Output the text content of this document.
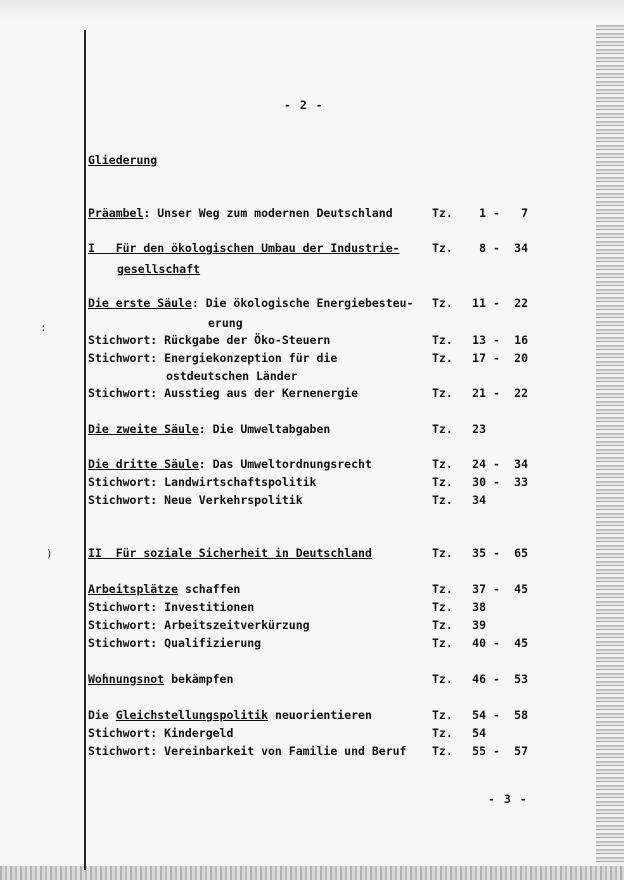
:
)
- 2 -
Gliederung
Präambel: Unser Weg zum modernen Deutschland	Tz.	1 -	7
I   Für den ökologischen Umbau der Industrie-	Tz.	8 -	34
gesellschaft
Die erste Säule: Die ökologische Energiebesteu- Tz.	11 -	22
erung
Stichwort: Rückgabe der Öko-Steuern	Tz.	13 -	16
Stichwort: Energiekonzeption für die	Tz.	17 -	20
ostdeutschen Länder
Stichwort: Ausstieg aus der Kernenergie	Tz.	21 -	22
Die zweite Säule: Die Umweltabgaben	Tz.	23
Die dritte Säule: Das Umweltordnungsrecht	Tz.	24 -	34
Stichwort: Landwirtschaftspolitik	Tz.	30 -	33
Stichwort: Neue Verkehrspolitik	Tz.	34
II  Für soziale Sicherheit in Deutschland	Tz.	35 -	65
Arbeitsplätze schaffen	Tz.	37 -	45
Stichwort: Investitionen	Tz.	38
Stichwort: Arbeitszeitverkürzung	Tz.	39
Stichwort: Qualifizierung	Tz.	40 -	45
Wohnungsnot bekämpfen	Tz.	46 -	53
Die Gleichstellungspolitik neuorientieren	Tz.	54 -	58
Stichwort: Kindergeld	Tz.	54
Stichwort: Vereinbarkeit von Familie und Beruf Tz.	55 -	57
- 3 -
